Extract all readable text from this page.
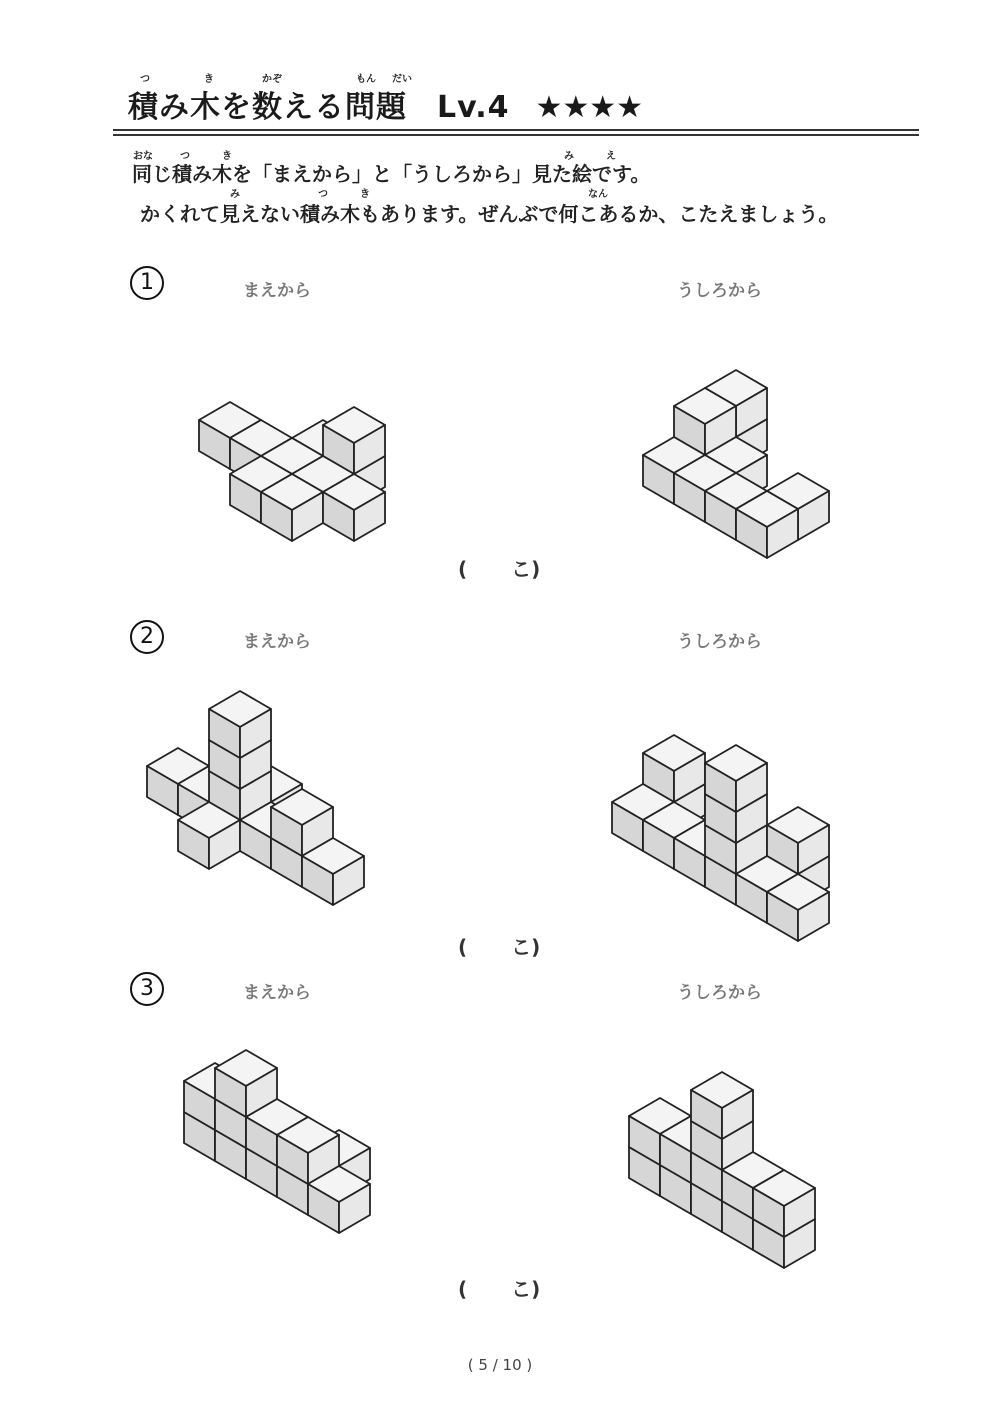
つ	き	かぞ	もん だい
積み木を数える問題 Lv.4 ★★★★
おな	つ	き	み	え
同じ積み木を「まえから」と「うしろから」見た絵です。
み	つ	き	なん
かくれて見えない積み木もあります。ぜんぶで何こあるか、こたえましょう。
1	まえから	うしろから
( こ)
2	まえから	うしろから
( こ)
3	まえから	うしろから
( こ)
( 5 / 10 )
